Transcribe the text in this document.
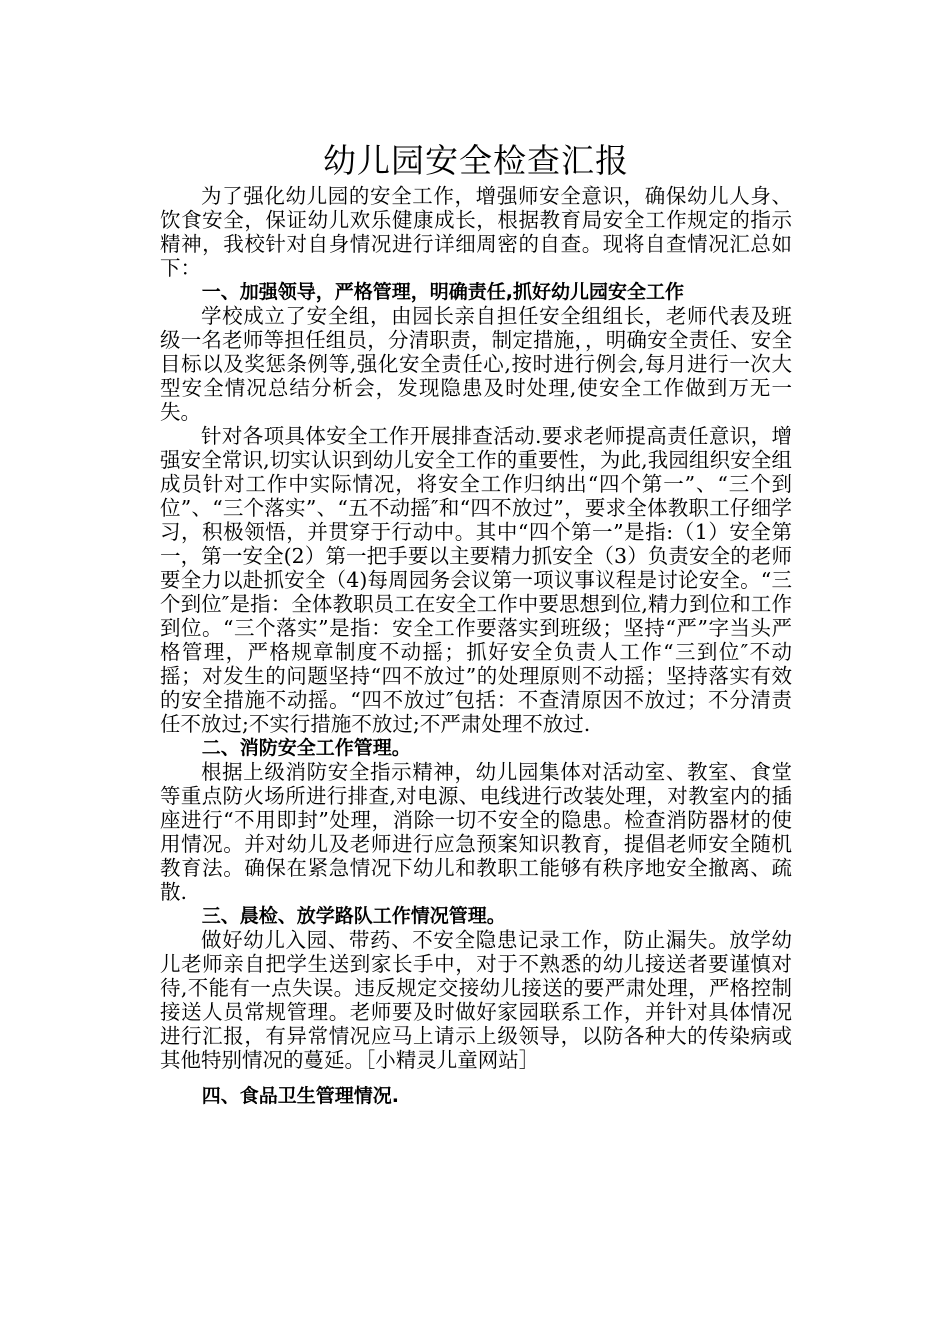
幼儿园安全检查汇报

为了强化幼儿园的安全工作，增强师安全意识，确保幼儿人身、饮食安全，保证幼儿欢乐健康成长，根据教育局安全工作规定的指示精神，我校针对自身情况进行详细周密的自查。现将自查情况汇总如下：

一、加强领导，严格管理，明确责任,抓好幼儿园安全工作

学校成立了安全组，由园长亲自担任安全组组长，老师代表及班级一名老师等担任组员，分清职责，制定措施，，明确安全责任、安全目标以及奖惩条例等,强化安全责任心,按时进行例会,每月进行一次大型安全情况总结分析会，发现隐患及时处理,使安全工作做到万无一失。

针对各项具体安全工作开展排查活动.要求老师提高责任意识，增强安全常识,切实认识到幼儿安全工作的重要性，为此,我园组织安全组成员针对工作中实际情况，将安全工作归纳出“四个第一”、“三个到位”、“三个落实”、“五不动摇″和“四不放过”，要求全体教职工仔细学习，积极领悟，并贯穿于行动中。其中“四个第一”是指:（1）安全第一，第一安全(2）第一把手要以主要精力抓安全（3）负责安全的老师要全力以赴抓安全（4)每周园务会议第一项议事议程是讨论安全。“三个到位″是指：全体教职员工在安全工作中要思想到位,精力到位和工作到位。“三个落实”是指：安全工作要落实到班级；坚持“严”字当头严格管理，严格规章制度不动摇；抓好安全负责人工作“三到位″不动摇；对发生的问题坚持“四不放过”的处理原则不动摇；坚持落实有效的安全措施不动摇。“四不放过″包括：不查清原因不放过；不分清责任不放过;不实行措施不放过;不严肃处理不放过.

二、消防安全工作管理。

根据上级消防安全指示精神，幼儿园集体对活动室、教室、食堂等重点防火场所进行排查,对电源、电线进行改装处理，对教室内的插座进行“不用即封”处理，消除一切不安全的隐患。检查消防器材的使用情况。并对幼儿及老师进行应急预案知识教育，提倡老师安全随机教育法。确保在紧急情况下幼儿和教职工能够有秩序地安全撤离、疏散.

三、晨检、放学路队工作情况管理。

做好幼儿入园、带药、不安全隐患记录工作，防止漏失。放学幼儿老师亲自把学生送到家长手中，对于不熟悉的幼儿接送者要谨慎对待,不能有一点失误。违反规定交接幼儿接送的要严肃处理，严格控制接送人员常规管理。老师要及时做好家园联系工作，并针对具体情况进行汇报，有异常情况应马上请示上级领导，以防各种大的传染病或其他特别情况的蔓延。［小精灵儿童网站］

四、食品卫生管理情况.
